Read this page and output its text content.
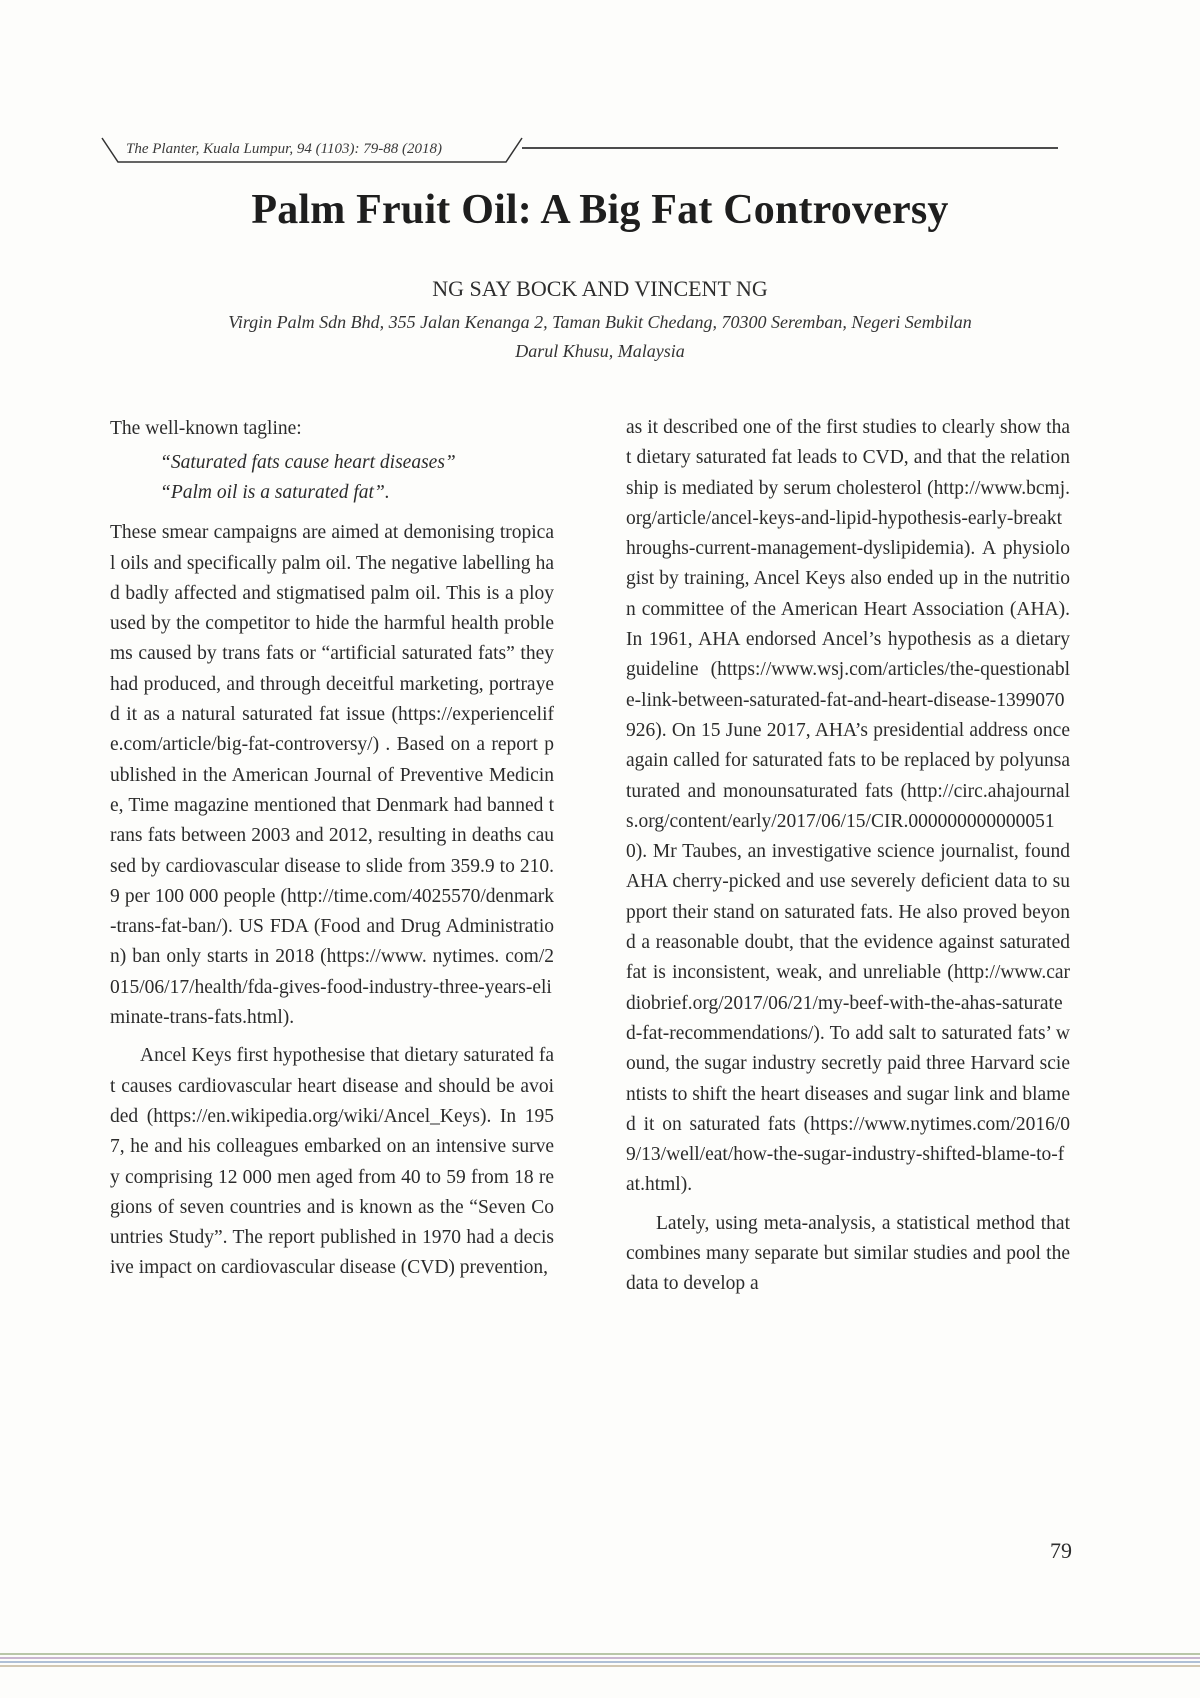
The Planter, Kuala Lumpur, 94 (1103): 79-88 (2018)
Palm Fruit Oil: A Big Fat Controversy
NG SAY BOCK AND VINCENT NG
Virgin Palm Sdn Bhd, 355 Jalan Kenanga 2, Taman Bukit Chedang, 70300 Seremban, Negeri Sembilan
Darul Khusu, Malaysia

The well-known tagline:

“Saturated fats cause heart diseases”
“Palm oil is a saturated fat”.

These smear campaigns are aimed at demonising tropical oils and specifically palm oil. The negative labelling had badly affected and stigmatised palm oil. This is a ploy used by the competitor to hide the harmful health problems caused by trans fats or “artificial saturated fats” they had produced, and through deceitful marketing, portrayed it as a natural saturated fat issue (https://experiencelife.com/article/big-fat-controversy/) . Based on a report published in the American Journal of Preventive Medicine, Time magazine mentioned that Denmark had banned trans fats between 2003 and 2012, resulting in deaths caused by cardiovascular disease to slide from 359.9 to 210.9 per 100 000 people (http://time.com/4025570/denmark-trans-fat-ban/). US FDA (Food and Drug Administration) ban only starts in 2018 (https://www. nytimes. com/2015/06/17/health/fda-gives-food-industry-three-years-eliminate-trans-fats.html).

Ancel Keys first hypothesise that dietary saturated fat causes cardiovascular heart disease and should be avoided (https://en.wikipedia.org/wiki/Ancel_Keys). In 1957, he and his colleagues embarked on an intensive survey comprising 12 000 men aged from 40 to 59 from 18 regions of seven countries and is known as the “Seven Countries Study”. The report published in 1970 had a decisive impact on cardiovascular disease (CVD) prevention,

as it described one of the first studies to clearly show that dietary saturated fat leads to CVD, and that the relationship is mediated by serum cholesterol (http://www.bcmj.org/article/ancel-keys-and-lipid-hypothesis-early-breakthroughs-current-management-dyslipidemia). A physiologist by training, Ancel Keys also ended up in the nutrition committee of the American Heart Association (AHA). In 1961, AHA endorsed Ancel’s hypothesis as a dietary guideline (https://www.wsj.com/articles/the-questionable-link-between-saturated-fat-and-heart-disease-1399070926). On 15 June 2017, AHA’s presidential address once again called for saturated fats to be replaced by polyunsaturated and monounsaturated fats (http://circ.ahajournals.org/content/early/2017/06/15/CIR.0000000000000510). Mr Taubes, an investigative science journalist, found AHA cherry-picked and use severely deficient data to support their stand on saturated fats. He also proved beyond a reasonable doubt, that the evidence against saturated fat is inconsistent, weak, and unreliable (http://www.cardiobrief.org/2017/06/21/my-beef-with-the-ahas-saturated-fat-recommendations/). To add salt to saturated fats’ wound, the sugar industry secretly paid three Harvard scientists to shift the heart diseases and sugar link and blamed it on saturated fats (https://www.nytimes.com/2016/09/13/well/eat/how-the-sugar-industry-shifted-blame-to-fat.html).

Lately, using meta-analysis, a statistical method that combines many separate but similar studies and pool the data to develop a

79
